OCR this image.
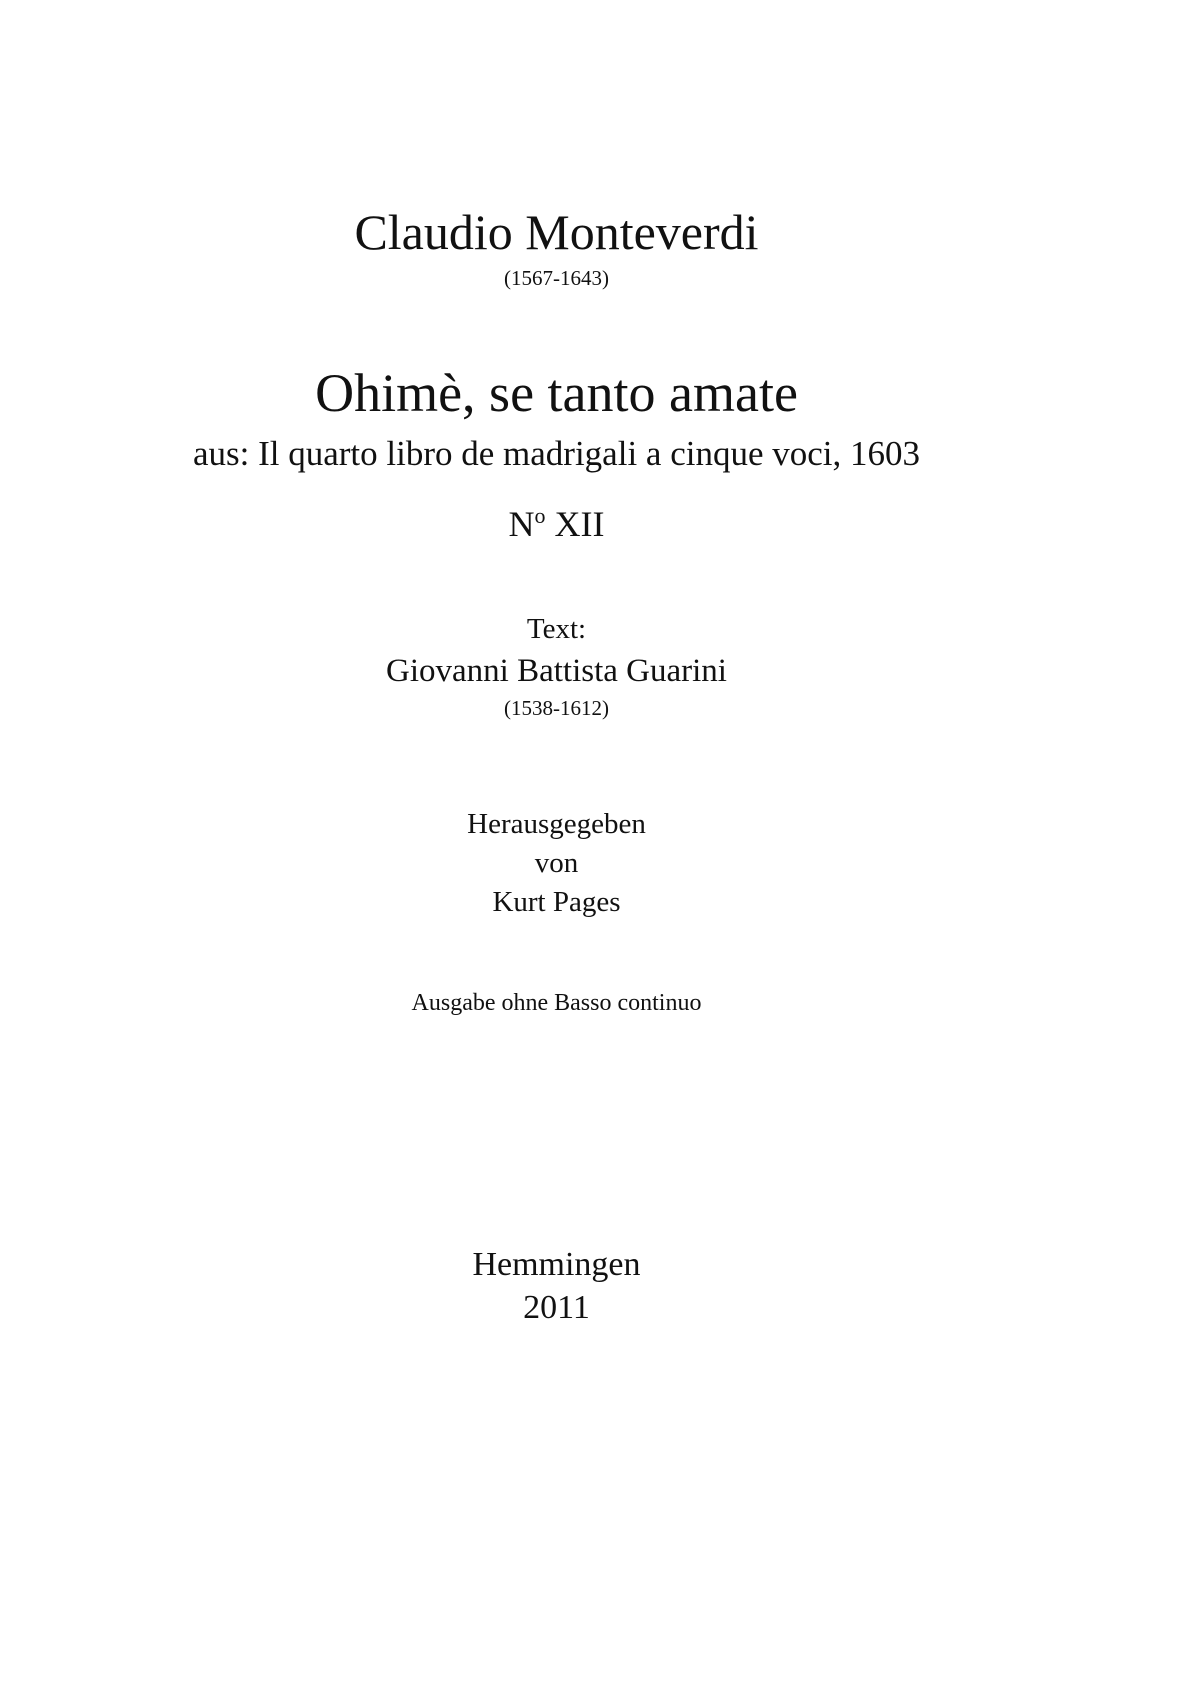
Claudio Monteverdi
(1567-1643)
Ohimè, se tanto amate
aus: Il quarto libro de madrigali a cinque voci, 1603
$N^o$ XII
Text:
Giovanni Battista Guarini
(1538-1612)
Herausgegeben
von
Kurt Pages
Ausgabe ohne Basso continuo
Hemmingen
2011
